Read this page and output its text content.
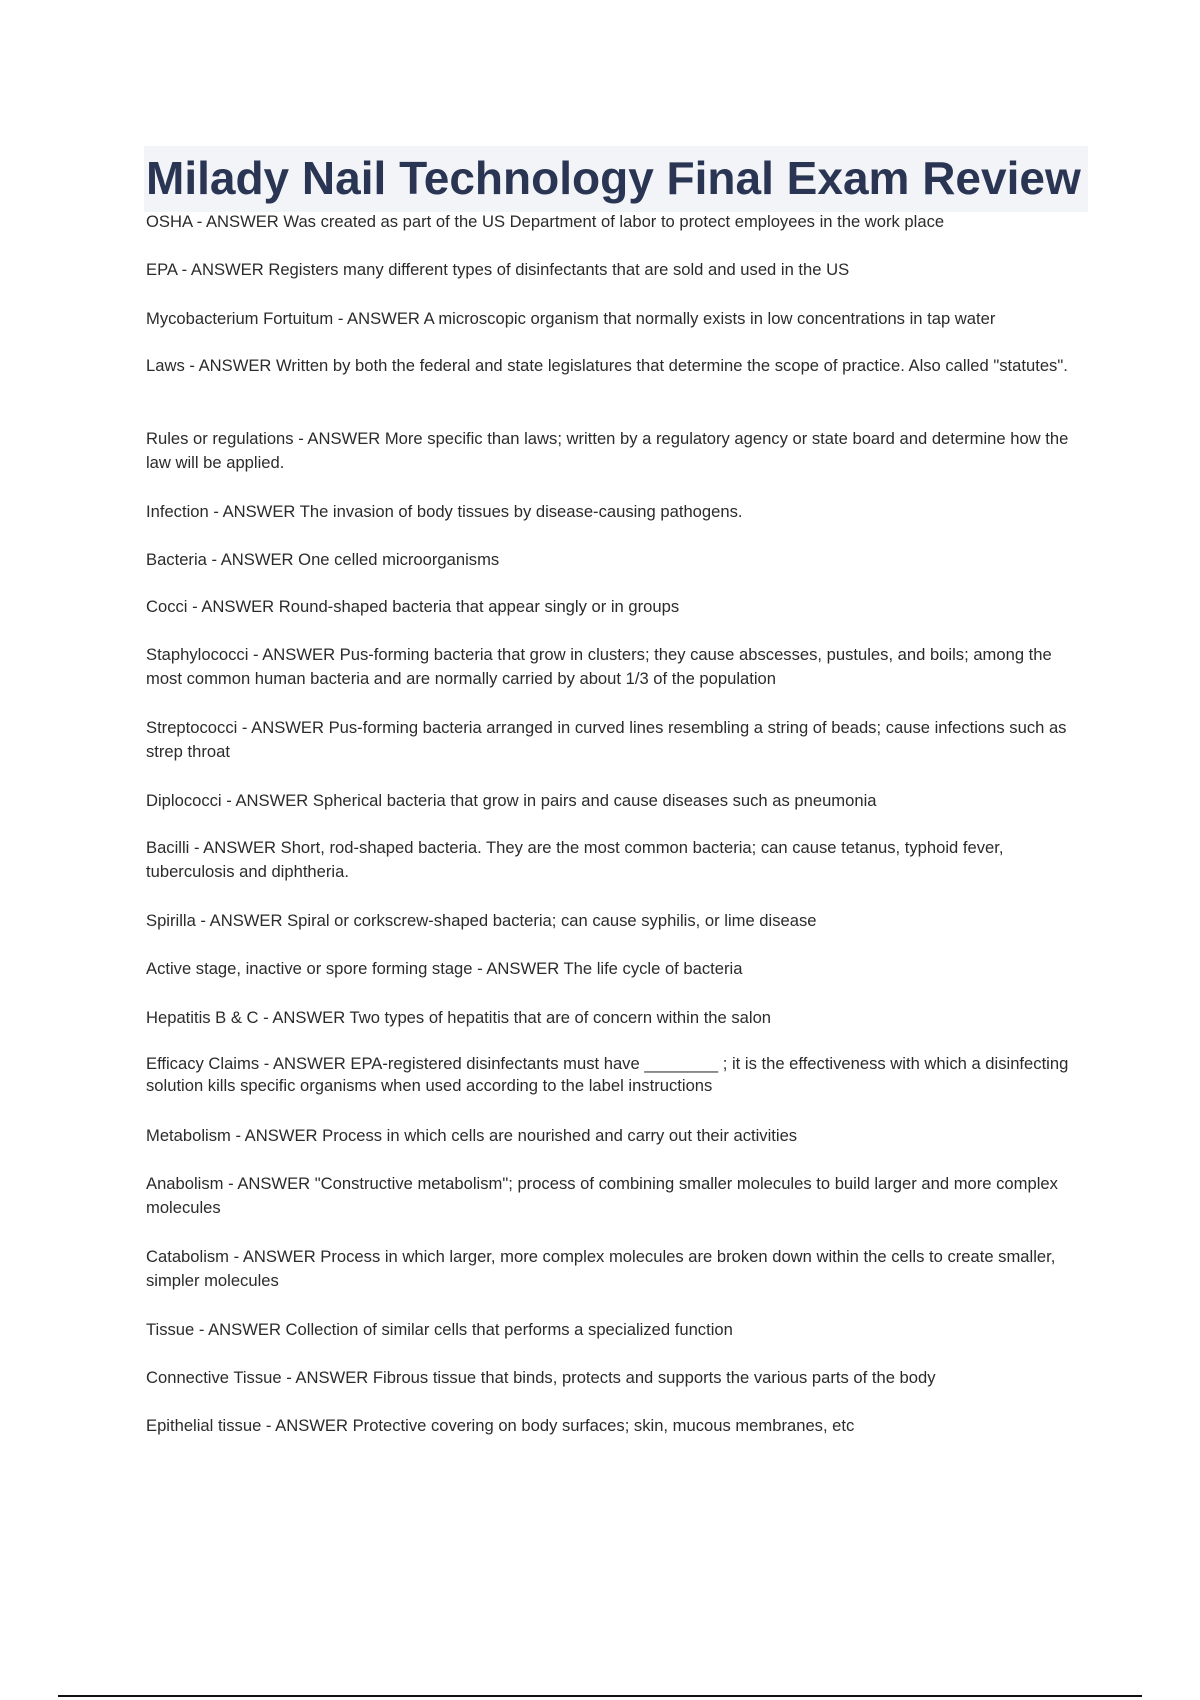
Milady Nail Technology Final Exam Review
OSHA - ANSWER Was created as part of the US Department of labor to protect employees in the work place
EPA - ANSWER Registers many different types of disinfectants that are sold and used in the US
Mycobacterium Fortuitum - ANSWER A microscopic organism that normally exists in low concentrations in tap water
Laws - ANSWER Written by both the federal and state legislatures that determine the scope of practice. Also called "statutes".
Rules or regulations - ANSWER More specific than laws; written by a regulatory agency or state board and determine how the law will be applied.
Infection - ANSWER The invasion of body tissues by disease-causing pathogens.
Bacteria - ANSWER One celled microorganisms
Cocci - ANSWER Round-shaped bacteria that appear singly or in groups
Staphylococci - ANSWER Pus-forming bacteria that grow in clusters; they cause abscesses, pustules, and boils; among the most common human bacteria and are normally carried by about 1/3 of the population
Streptococci - ANSWER Pus-forming bacteria arranged in curved lines resembling a string of beads; cause infections such as strep throat
Diplococci - ANSWER Spherical bacteria that grow in pairs and cause diseases such as pneumonia
Bacilli - ANSWER Short, rod-shaped bacteria. They are the most common bacteria; can cause tetanus, typhoid fever, tuberculosis and diphtheria.
Spirilla - ANSWER Spiral or corkscrew-shaped bacteria; can cause syphilis, or lime disease
Active stage, inactive or spore forming stage - ANSWER The life cycle of bacteria
Hepatitis B & C - ANSWER Two types of hepatitis that are of concern within the salon
Efficacy Claims - ANSWER EPA-registered disinfectants must have ________ ; it is the effectiveness with which a disinfecting solution kills specific organisms when used according to the label instructions
Metabolism - ANSWER Process in which cells are nourished and carry out their activities
Anabolism - ANSWER "Constructive metabolism"; process of combining smaller molecules to build larger and more complex molecules
Catabolism - ANSWER Process in which larger, more complex molecules are broken down within the cells to create smaller, simpler molecules
Tissue - ANSWER Collection of similar cells that performs a specialized function
Connective Tissue - ANSWER Fibrous tissue that binds, protects and supports the various parts of the body
Epithelial tissue - ANSWER Protective covering on body surfaces; skin, mucous membranes, etc
